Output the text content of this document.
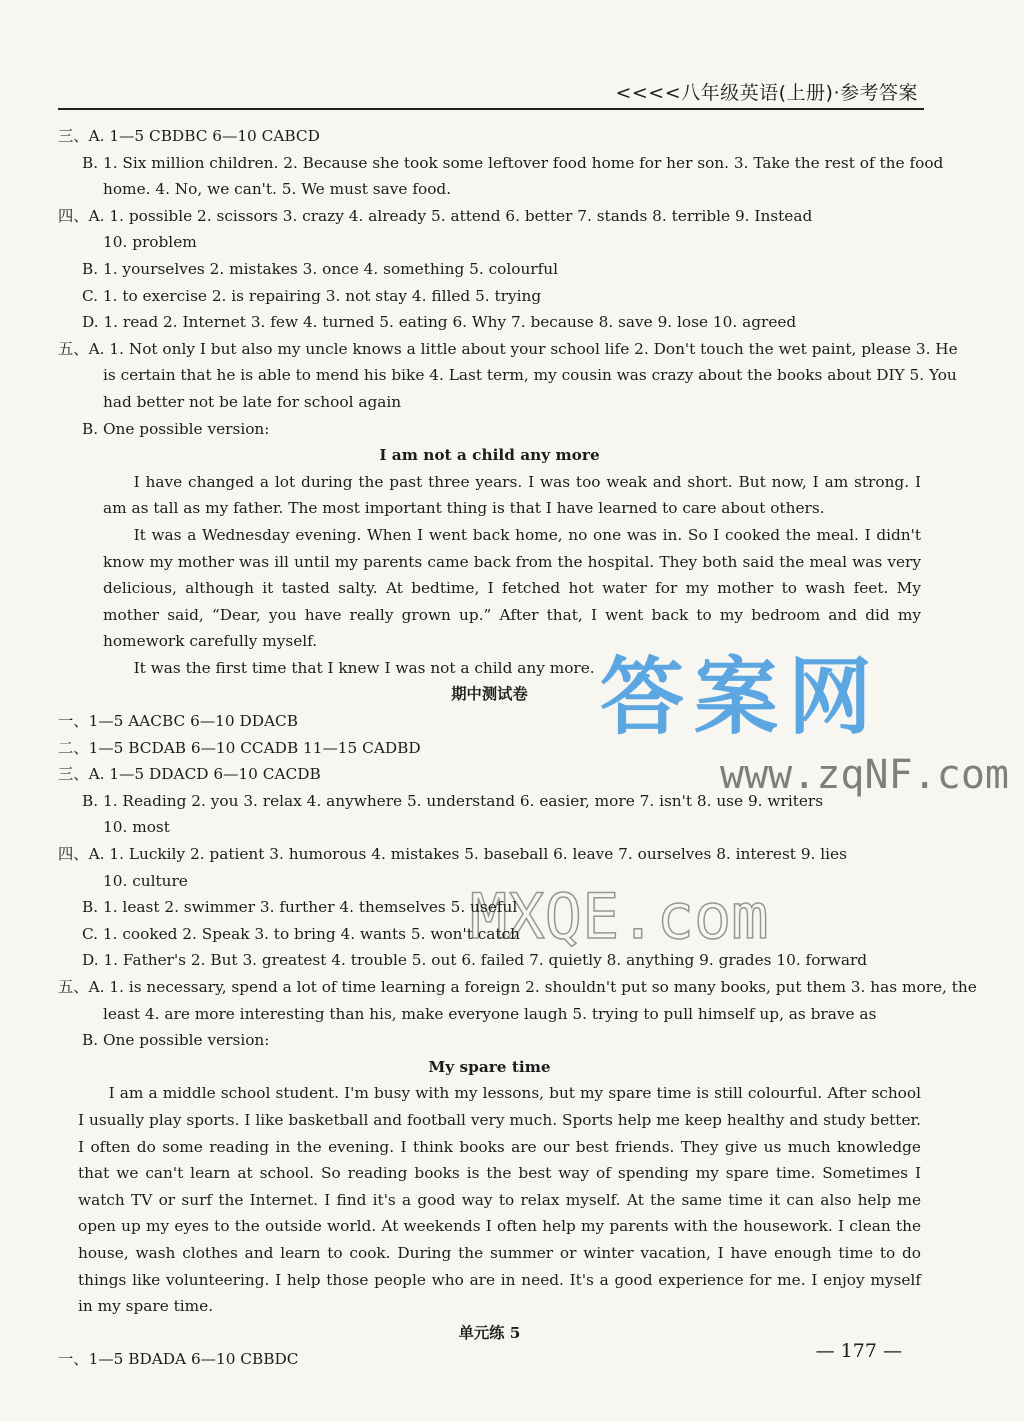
<<<<八年级英语(上册)·参考答案
三、A. 1—5 CBDBC 6—10 CABCD
B. 1. Six million children. 2. Because she took some leftover food home for her son. 3. Take the rest of the food
home. 4. No, we can't. 5. We must save food.
四、A. 1. possible 2. scissors 3. crazy 4. already 5. attend 6. better 7. stands 8. terrible 9. Instead
10. problem
B. 1. yourselves 2. mistakes 3. once 4. something 5. colourful
C. 1. to exercise 2. is repairing 3. not stay 4. filled 5. trying
D. 1. read 2. Internet 3. few 4. turned 5. eating 6. Why 7. because 8. save 9. lose 10. agreed
五、A. 1. Not only I but also my uncle knows a little about your school life 2. Don't touch the wet paint, please 3. He
is certain that he is able to mend his bike 4. Last term, my cousin was crazy about the books about DIY 5. You
had better not be late for school again
B. One possible version:
I am not a child any more
I have changed a lot during the past three years. I was too weak and short. But now, I am strong. I am as tall as my father. The most important thing is that I have learned to care about others.
It was a Wednesday evening. When I went back home, no one was in. So I cooked the meal. I didn't know my mother was ill until my parents came back from the hospital. They both said the meal was very delicious, although it tasted salty. At bedtime, I fetched hot water for my mother to wash feet. My mother said, “Dear, you have really grown up.” After that, I went back to my bedroom and did my homework carefully myself.
It was the first time that I knew I was not a child any more.
期中测试卷
一、1—5 AACBC 6—10 DDACB
二、1—5 BCDAB 6—10 CCADB 11—15 CADBD
三、A. 1—5 DDACD 6—10 CACDB
B. 1. Reading 2. you 3. relax 4. anywhere 5. understand 6. easier, more 7. isn't 8. use 9. writers
10. most
四、A. 1. Luckily 2. patient 3. humorous 4. mistakes 5. baseball 6. leave 7. ourselves 8. interest 9. lies
10. culture
B. 1. least 2. swimmer 3. further 4. themselves 5. useful
C. 1. cooked 2. Speak 3. to bring 4. wants 5. won't catch
D. 1. Father's 2. But 3. greatest 4. trouble 5. out 6. failed 7. quietly 8. anything 9. grades 10. forward
五、A. 1. is necessary, spend a lot of time learning a foreign 2. shouldn't put so many books, put them 3. has more, the
least 4. are more interesting than his, make everyone laugh 5. trying to pull himself up, as brave as
B. One possible version:
My spare time
I am a middle school student. I'm busy with my lessons, but my spare time is still colourful. After school I usually play sports. I like basketball and football very much. Sports help me keep healthy and study better. I often do some reading in the evening. I think books are our best friends. They give us much knowledge that we can't learn at school. So reading books is the best way of spending my spare time. Sometimes I watch TV or surf the Internet. I find it's a good way to relax myself. At the same time it can also help me open up my eyes to the outside world. At weekends I often help my parents with the housework. I clean the house, wash clothes and learn to cook. During the summer or winter vacation, I have enough time to do things like volunteering. I help those people who are in need. It's a good experience for me. I enjoy myself in my spare time.
单元练 5
一、1—5 BDADA 6—10 CBBDC	— 177 —
答案网
www.zqNF.com
MXQE.com
